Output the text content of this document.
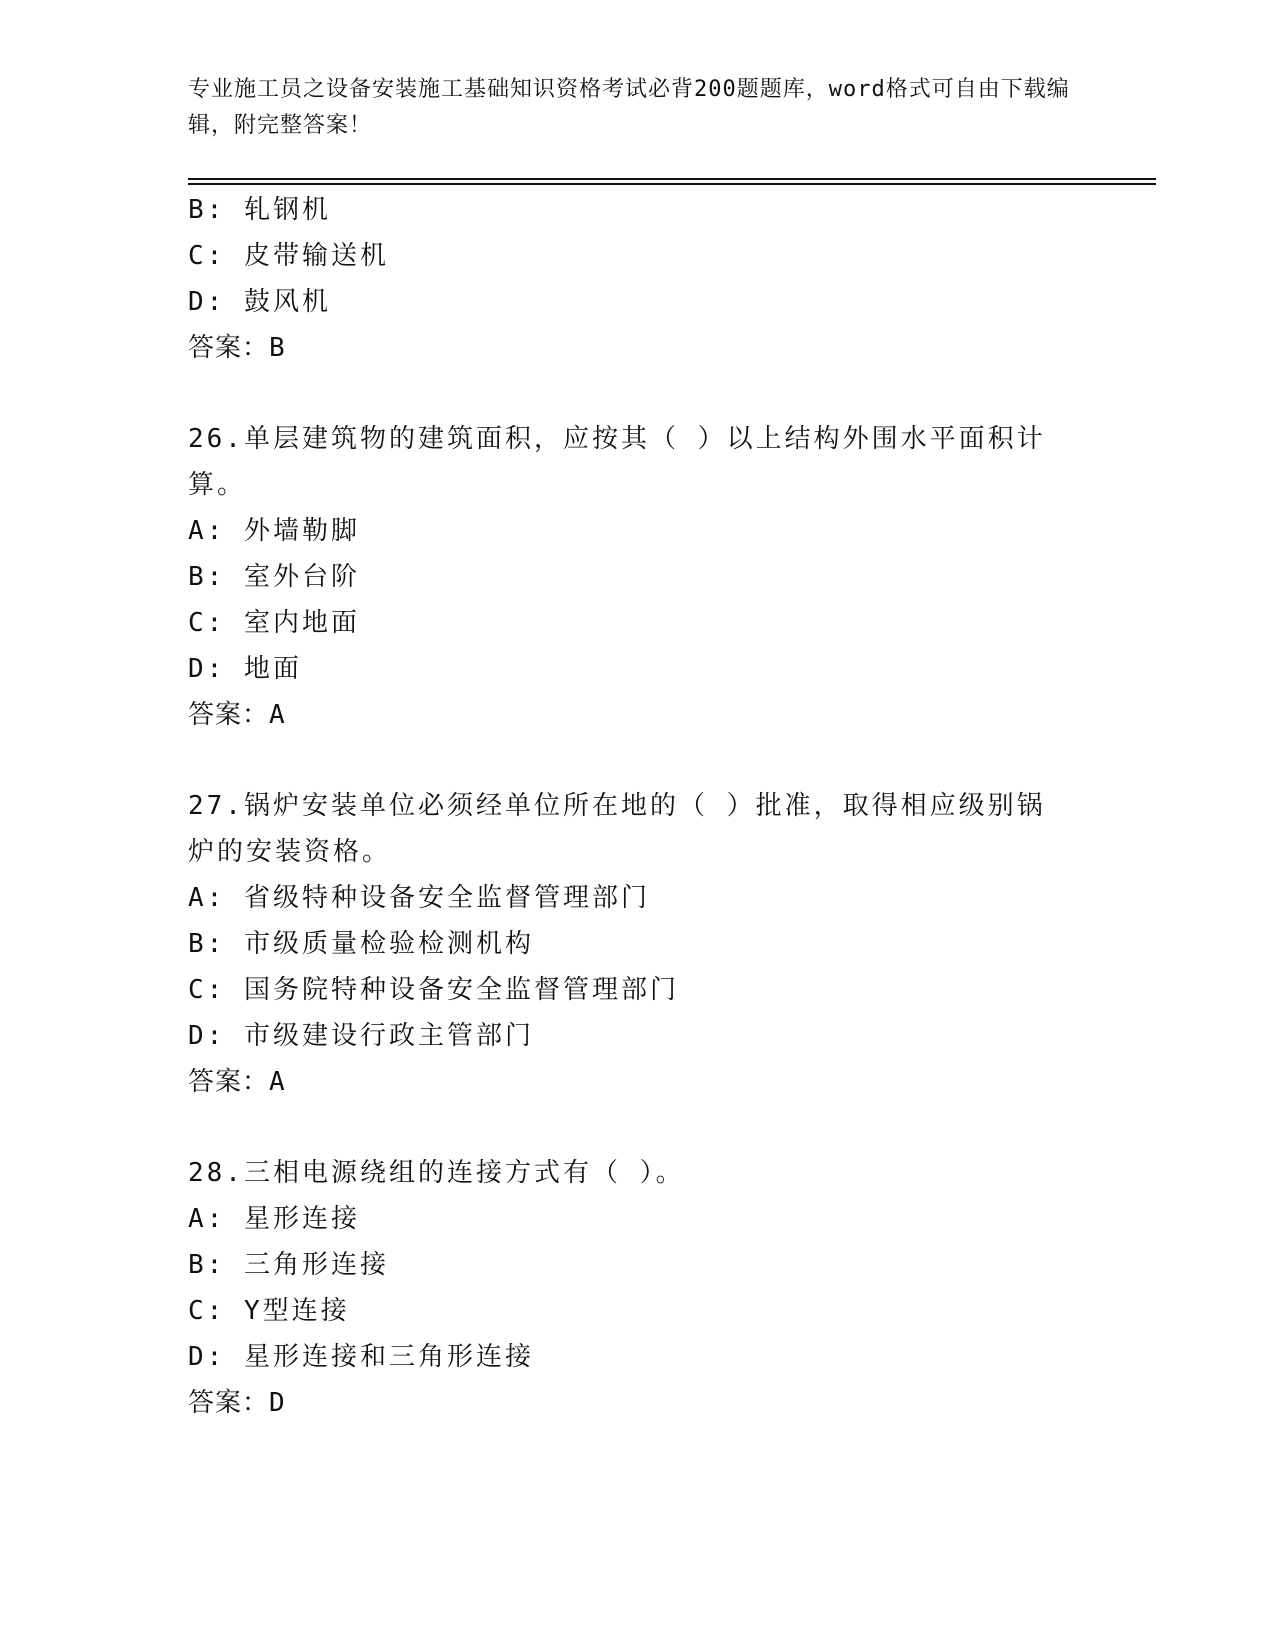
专业施工员之设备安装施工基础知识资格考试必背200题题库，word格式可自由下载编辑，附完整答案！
B: 轧钢机
C: 皮带输送机
D: 鼓风机
答案：B
26.单层建筑物的建筑面积，应按其（ ）以上结构外围水平面积计算。
A: 外墙勒脚
B: 室外台阶
C: 室内地面
D: 地面
答案：A
27.锅炉安装单位必须经单位所在地的（ ）批准，取得相应级别锅炉的安装资格。
A: 省级特种设备安全监督管理部门
B: 市级质量检验检测机构
C: 国务院特种设备安全监督管理部门
D: 市级建设行政主管部门
答案：A
28.三相电源绕组的连接方式有（ ）。
A: 星形连接
B: 三角形连接
C: Y型连接
D: 星形连接和三角形连接
答案：D
